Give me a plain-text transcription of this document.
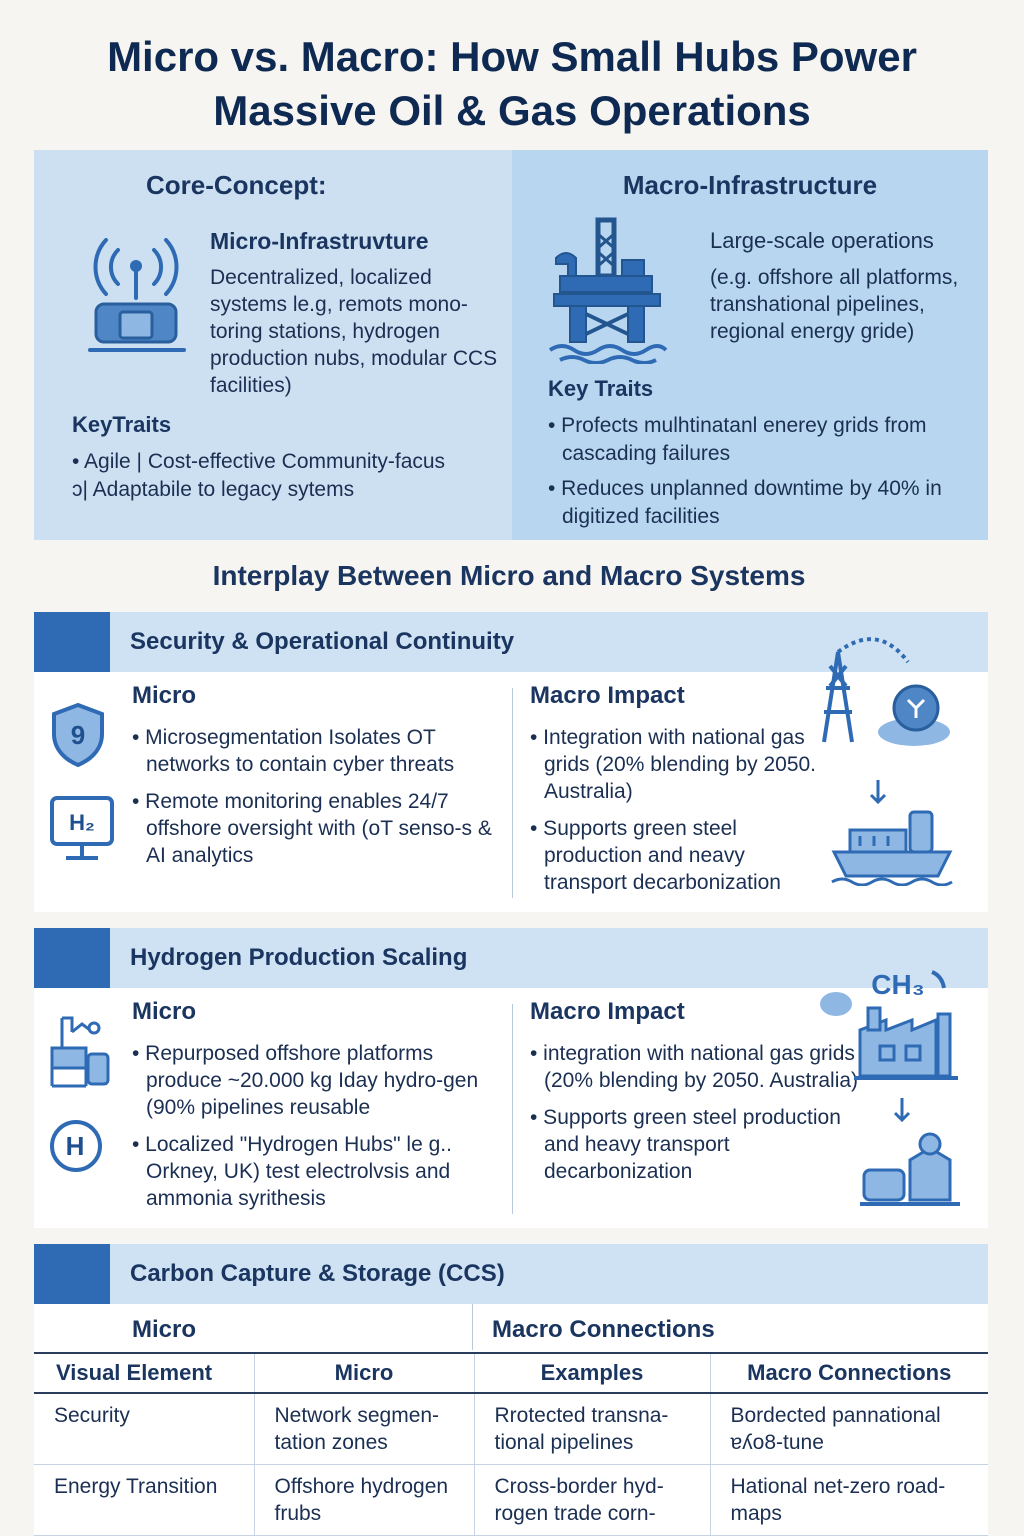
Micro vs. Macro: How Small Hubs Power
Massive Oil & Gas Operations
Core-Concept:
Micro-Infrastruvture
Decentralized, localized systems le.g, remots mono-toring stations, hydrogen production nubs, modular CCS facilities)
KeyTraits
• Agile | Cost-effective Community-facus
ↄ| Adaptabile to legacy sytems
Macro-Infrastructure
Large-scale operations
(e.g. offshore all platforms, transhational pipelines, regional energy gride)
Key Traits
• Profects mulhtinatanl enerey grids from cascading failures
• Reduces unplanned downtime by 40% in digitized facilities
Interplay Between Micro and Macro Systems
Security & Operational Continuity
9
H₂
Micro
• Microsegmentation Isolates OT networks to contain cyber threats
• Remote monitoring enables 24/7 offshore oversight with (oT senso-s & AI analytics
Macro Impact
• Integration with national gas grids (20% blending by 2050. Australia)
• Supports green steel production and neavy transport decarbonization
Hydrogen Production Scaling
H
Micro
• Repurposed offshore platforms produce ~20.000 kg Iday hydro-gen (90% pipelines reusable
• Localized "Hydrogen Hubs" le g.. Orkney, UK) test electrolvsis and ammonia syrithesis
Macro Impact
• integration with national gas grids (20% blending by 2050. Australia)
• Supports green steel production and heavy transport decarbonization
CH₃
Carbon Capture & Storage (CCS)
Micro	Macro Connections
Visual Element	Micro	Examples	Macro Connections
Security	Network segmen-tation zones	Rrotected transna-tional pipelines	Bordected pannational ɐʎo8-tune
Energy Transition	Offshore hydrogen frubs	Cross-border hyd-rogen trade corn-	Hational net-zero road-maps
